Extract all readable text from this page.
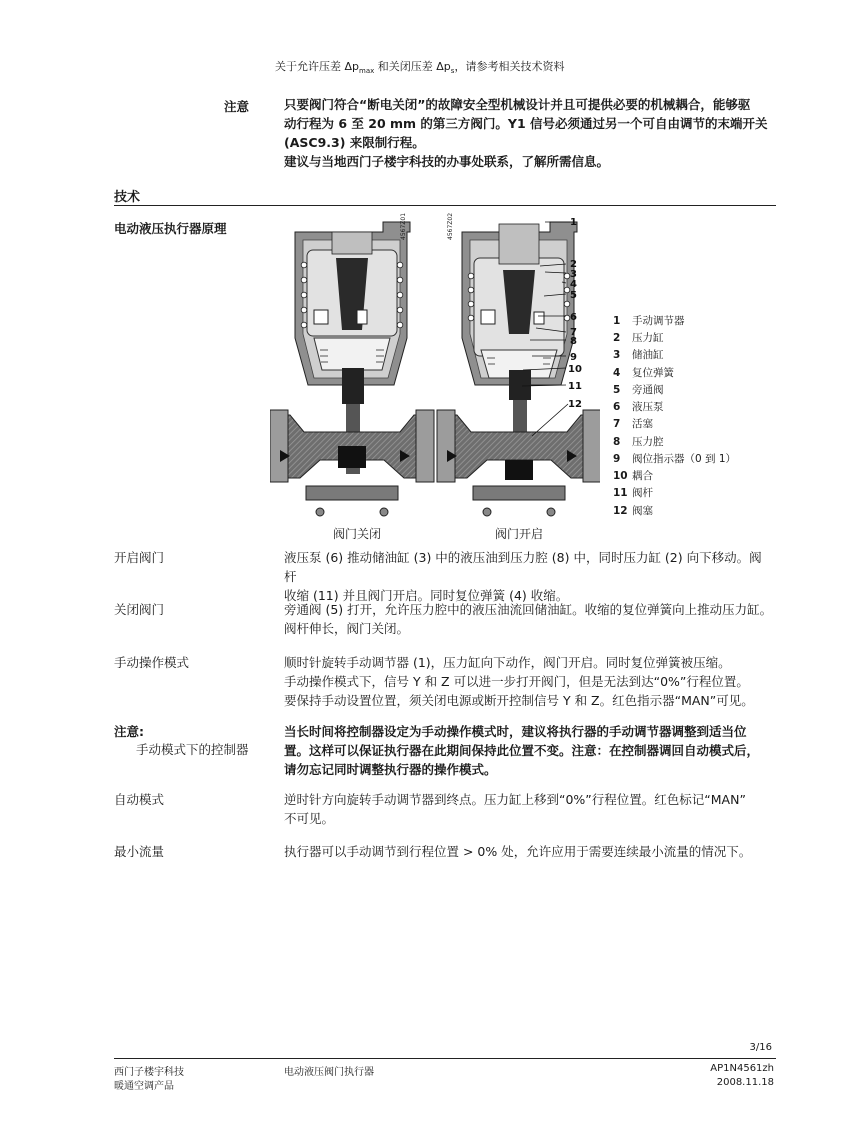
关于允许压差 $\Delta p_{max}$ 和关闭压差 $\Delta p_s$，请参考相关技术资料
注意	只要阀门符合“断电关闭”的故障安全型机械设计并且可提供必要的机械耦合，能够驱
动行程为 6 至 20 mm 的第三方阀门。Y1 信号必须通过另一个可自由调节的末端开关
(ASC9.3) 来限制行程。
建议与当地西门子楼宇科技的办事处联系，了解所需信息。
技术
电动液压执行器原理	4567Z01	4567Z02	1
2
3
4
5
6
7
8
9
10
11
12
1 手动调节器
2 压力缸
3 储油缸
4 复位弹簧
5 旁通阀
6 液压泵
7 活塞
8 压力腔
9 阀位指示器（0 到 1）
10 耦合
11 阀杆
12 阀塞
阀门关闭	阀门开启
开启阀门	液压泵 (6) 推动储油缸 (3) 中的液压油到压力腔 (8) 中，同时压力缸 (2) 向下移动。阀杆
收缩 (11) 并且阀门开启。同时复位弹簧 (4) 收缩。
关闭阀门	旁通阀 (5) 打开，允许压力腔中的液压油流回储油缸。收缩的复位弹簧向上推动压力缸。
阀杆伸长，阀门关闭。
手动操作模式	顺时针旋转手动调节器 (1)，压力缸向下动作，阀门开启。同时复位弹簧被压缩。
手动操作模式下，信号 Y 和 Z 可以进一步打开阀门，但是无法到达“0%”行程位置。
要保持手动设置位置，须关闭电源或断开控制信号 Y 和 Z。红色指示器“MAN”可见。
注意:
手动模式下的控制器
当长时间将控制器设定为手动操作模式时，建议将执行器的手动调节器调整到适当位
置。这样可以保证执行器在此期间保持此位置不变。注意：在控制器调回自动模式后，
请勿忘记同时调整执行器的操作模式。
自动模式	逆时针方向旋转手动调节器到终点。压力缸上移到“0%”行程位置。红色标记“MAN”
不可见。
最小流量	执行器可以手动调节到行程位置 > 0% 处，允许应用于需要连续最小流量的情况下。
3/16
西门子楼宇科技
暖通空调产品
电动液压阀门执行器	AP1N4561zh
2008.11.18
